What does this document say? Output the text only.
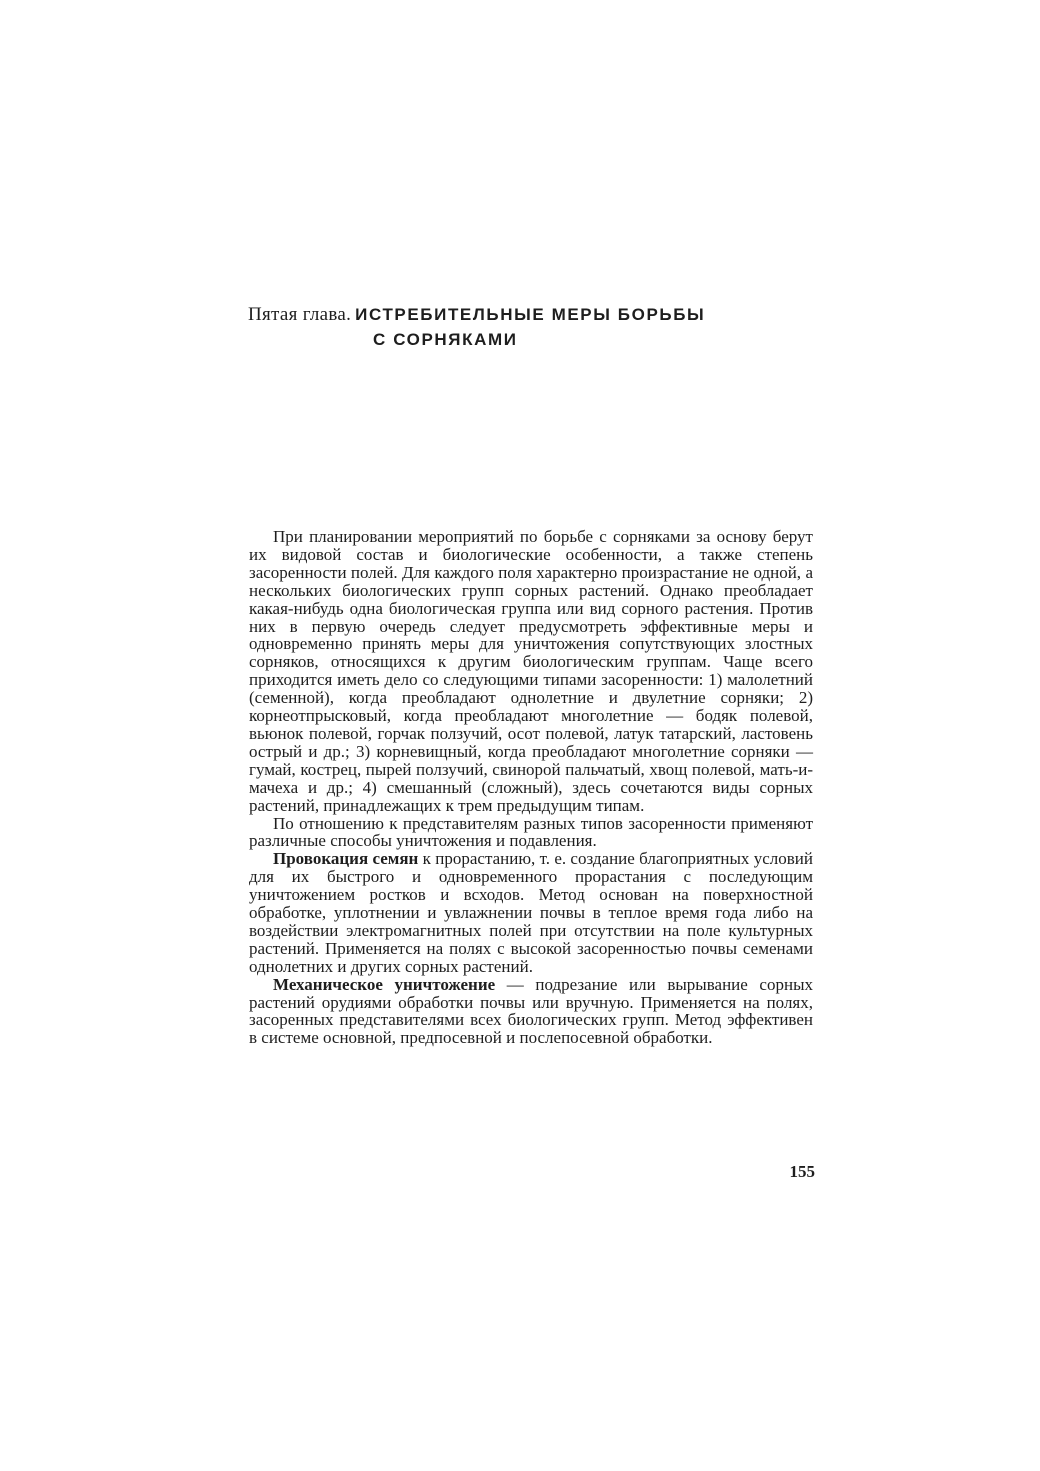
Пятая глава. ИСТРЕБИТЕЛЬНЫЕ МЕРЫ БОРЬБЫ
С СОРНЯКАМИ

При планировании мероприятий по борьбе с сорняками за основу берут их видовой состав и биологические особенности, а также степень засоренности полей. Для каждого поля характерно произрастание не одной, а нескольких биологических групп сорных растений. Однако преобладает какая-нибудь одна биологическая группа или вид сорного растения. Против них в первую очередь следует предусмотреть эффективные меры и одновременно принять меры для уничтожения сопутствующих злостных сорняков, относящихся к другим биологическим группам. Чаще всего приходится иметь дело со следующими типами засоренности: 1) малолетний (семенной), когда преобладают однолетние и двулетние сорняки; 2) корнеотпрысковый, когда преобладают многолетние — бодяк полевой, вьюнок полевой, горчак ползучий, осот полевой, латук татарский, ластовень острый и др.; 3) корневищный, когда преобладают многолетние сорняки — гумай, кострец, пырей ползучий, свинорой пальчатый, хвощ полевой, мать-и-мачеха и др.; 4) смешанный (сложный), здесь сочетаются виды сорных растений, принадлежащих к трем предыдущим типам.

По отношению к представителям разных типов засоренности применяют различные способы уничтожения и подавления.

Провокация семян к прорастанию, т. е. создание благоприятных условий для их быстрого и одновременного прорастания с последующим уничтожением ростков и всходов. Метод основан на поверхностной обработке, уплотнении и увлажнении почвы в теплое время года либо на воздействии электромагнитных полей при отсутствии на поле культурных растений. Применяется на полях с высокой засоренностью почвы семенами однолетних и других сорных растений.

Механическое уничтожение — подрезание или вырывание сорных растений орудиями обработки почвы или вручную. Применяется на полях, засоренных представителями всех биологических групп. Метод эффективен в системе основной, предпосевной и послепосевной обработки.

155
